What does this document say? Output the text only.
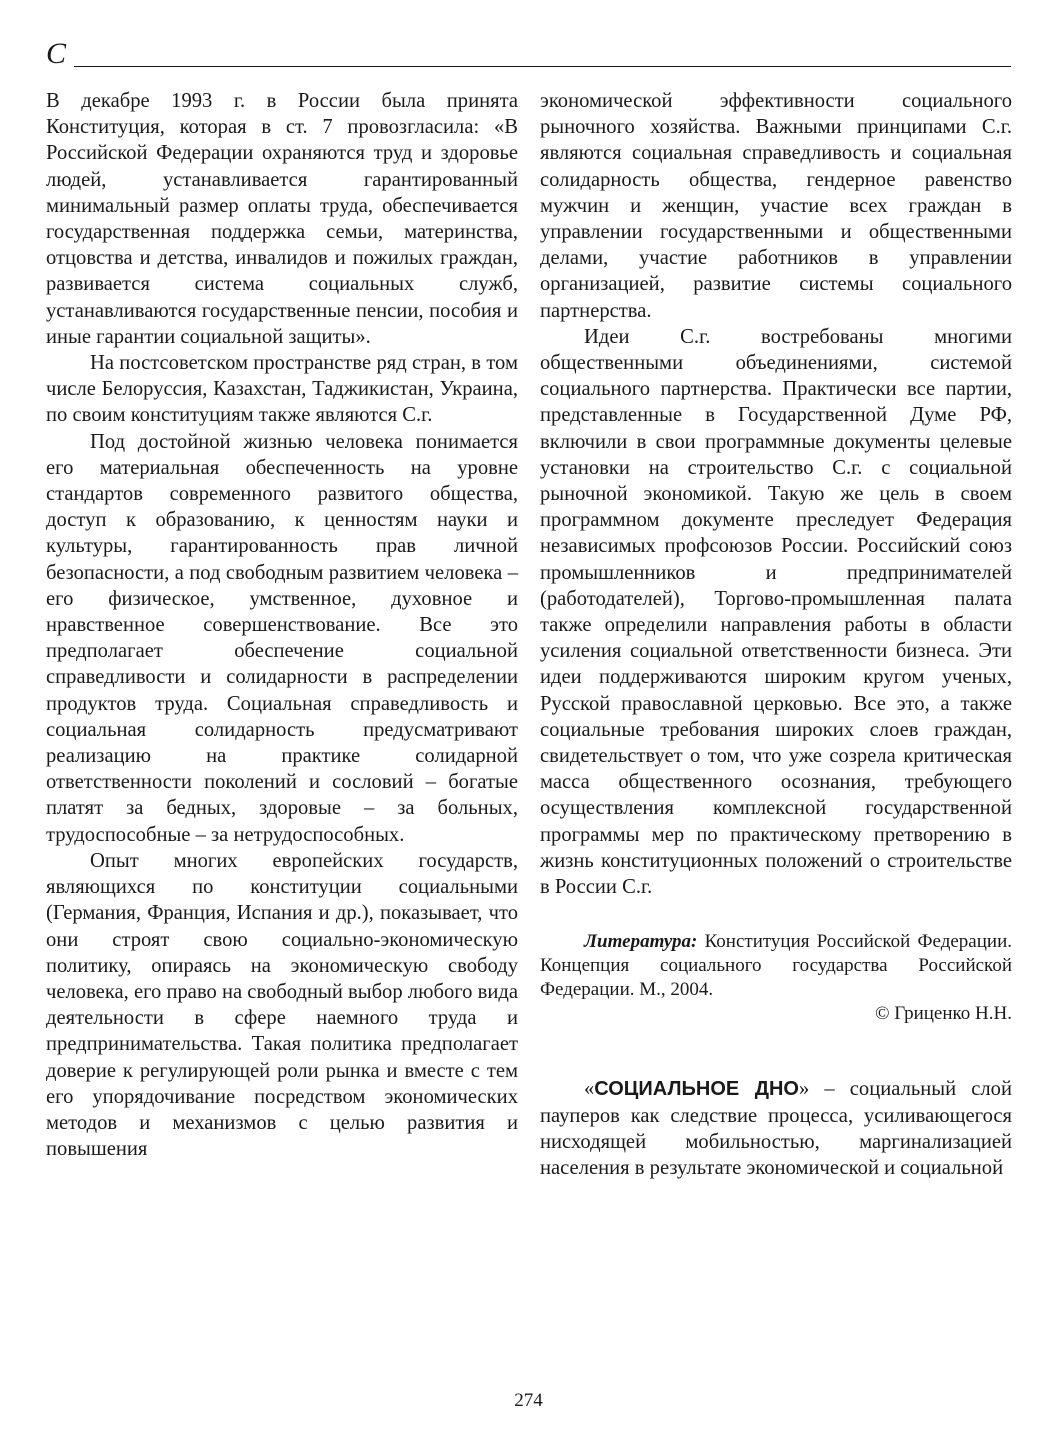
С

В декабре 1993 г. в России была принята Конституция, которая в ст. 7 провозгласила: «В Российской Федерации охраняются труд и здоровье людей, устанавливается гарантированный минимальный размер оплаты труда, обеспечивается государственная поддержка семьи, материнства, отцовства и детства, инвалидов и пожилых граждан, развивается система социальных служб, устанавливаются государственные пенсии, пособия и иные гарантии социальной защиты».

На постсоветском пространстве ряд стран, в том числе Белоруссия, Казахстан, Таджикистан, Украина, по своим конституциям также являются С.г.

Под достойной жизнью человека понимается его материальная обеспеченность на уровне стандартов современного развитого общества, доступ к образованию, к ценностям науки и культуры, гарантированность прав личной безопасности, а под свободным развитием человека – его физическое, умственное, духовное и нравственное совершенствование. Все это предполагает обеспечение социальной справедливости и солидарности в распределении продуктов труда. Социальная справедливость и социальная солидарность предусматривают реализацию на практике солидарной ответственности поколений и сословий – богатые платят за бедных, здоровые – за больных, трудоспособные – за нетрудоспособных.

Опыт многих европейских государств, являющихся по конституции социальными (Германия, Франция, Испания и др.), показывает, что они строят свою социально-экономическую политику, опираясь на экономическую свободу человека, его право на свободный выбор любого вида деятельности в сфере наемного труда и предпринимательства. Такая политика предполагает доверие к регулирующей роли рынка и вместе с тем его упорядочивание посредством экономических методов и механизмов с целью развития и повышения

экономической эффективности социального рыночного хозяйства. Важными принципами С.г. являются социальная справедливость и социальная солидарность общества, гендерное равенство мужчин и женщин, участие всех граждан в управлении государственными и общественными делами, участие работников в управлении организацией, развитие системы социального партнерства.

Идеи С.г. востребованы многими общественными объединениями, системой социального партнерства. Практически все партии, представленные в Государственной Думе РФ, включили в свои программные документы целевые установки на строительство С.г. с социальной рыночной экономикой. Такую же цель в своем программном документе преследует Федерация независимых профсоюзов России. Российский союз промышленников и предпринимателей (работодателей), Торгово-промышленная палата также определили направления работы в области усиления социальной ответственности бизнеса. Эти идеи поддерживаются широким кругом ученых, Русской православной церковью. Все это, а также социальные требования широких слоев граждан, свидетельствует о том, что уже созрела критическая масса общественного осознания, требующего осуществления комплексной государственной программы мер по практическому претворению в жизнь конституционных положений о строительстве в России С.г.

Литература: Конституция Российской Федерации. Концепция социального государства Российской Федерации. М., 2004.

© Гриценко Н.Н.

«СОЦИАЛЬНОЕ ДНО» – социальный слой пауперов как следствие процесса, усиливающегося нисходящей мобильностью, маргинализацией населения в результате экономической и социальной

274
